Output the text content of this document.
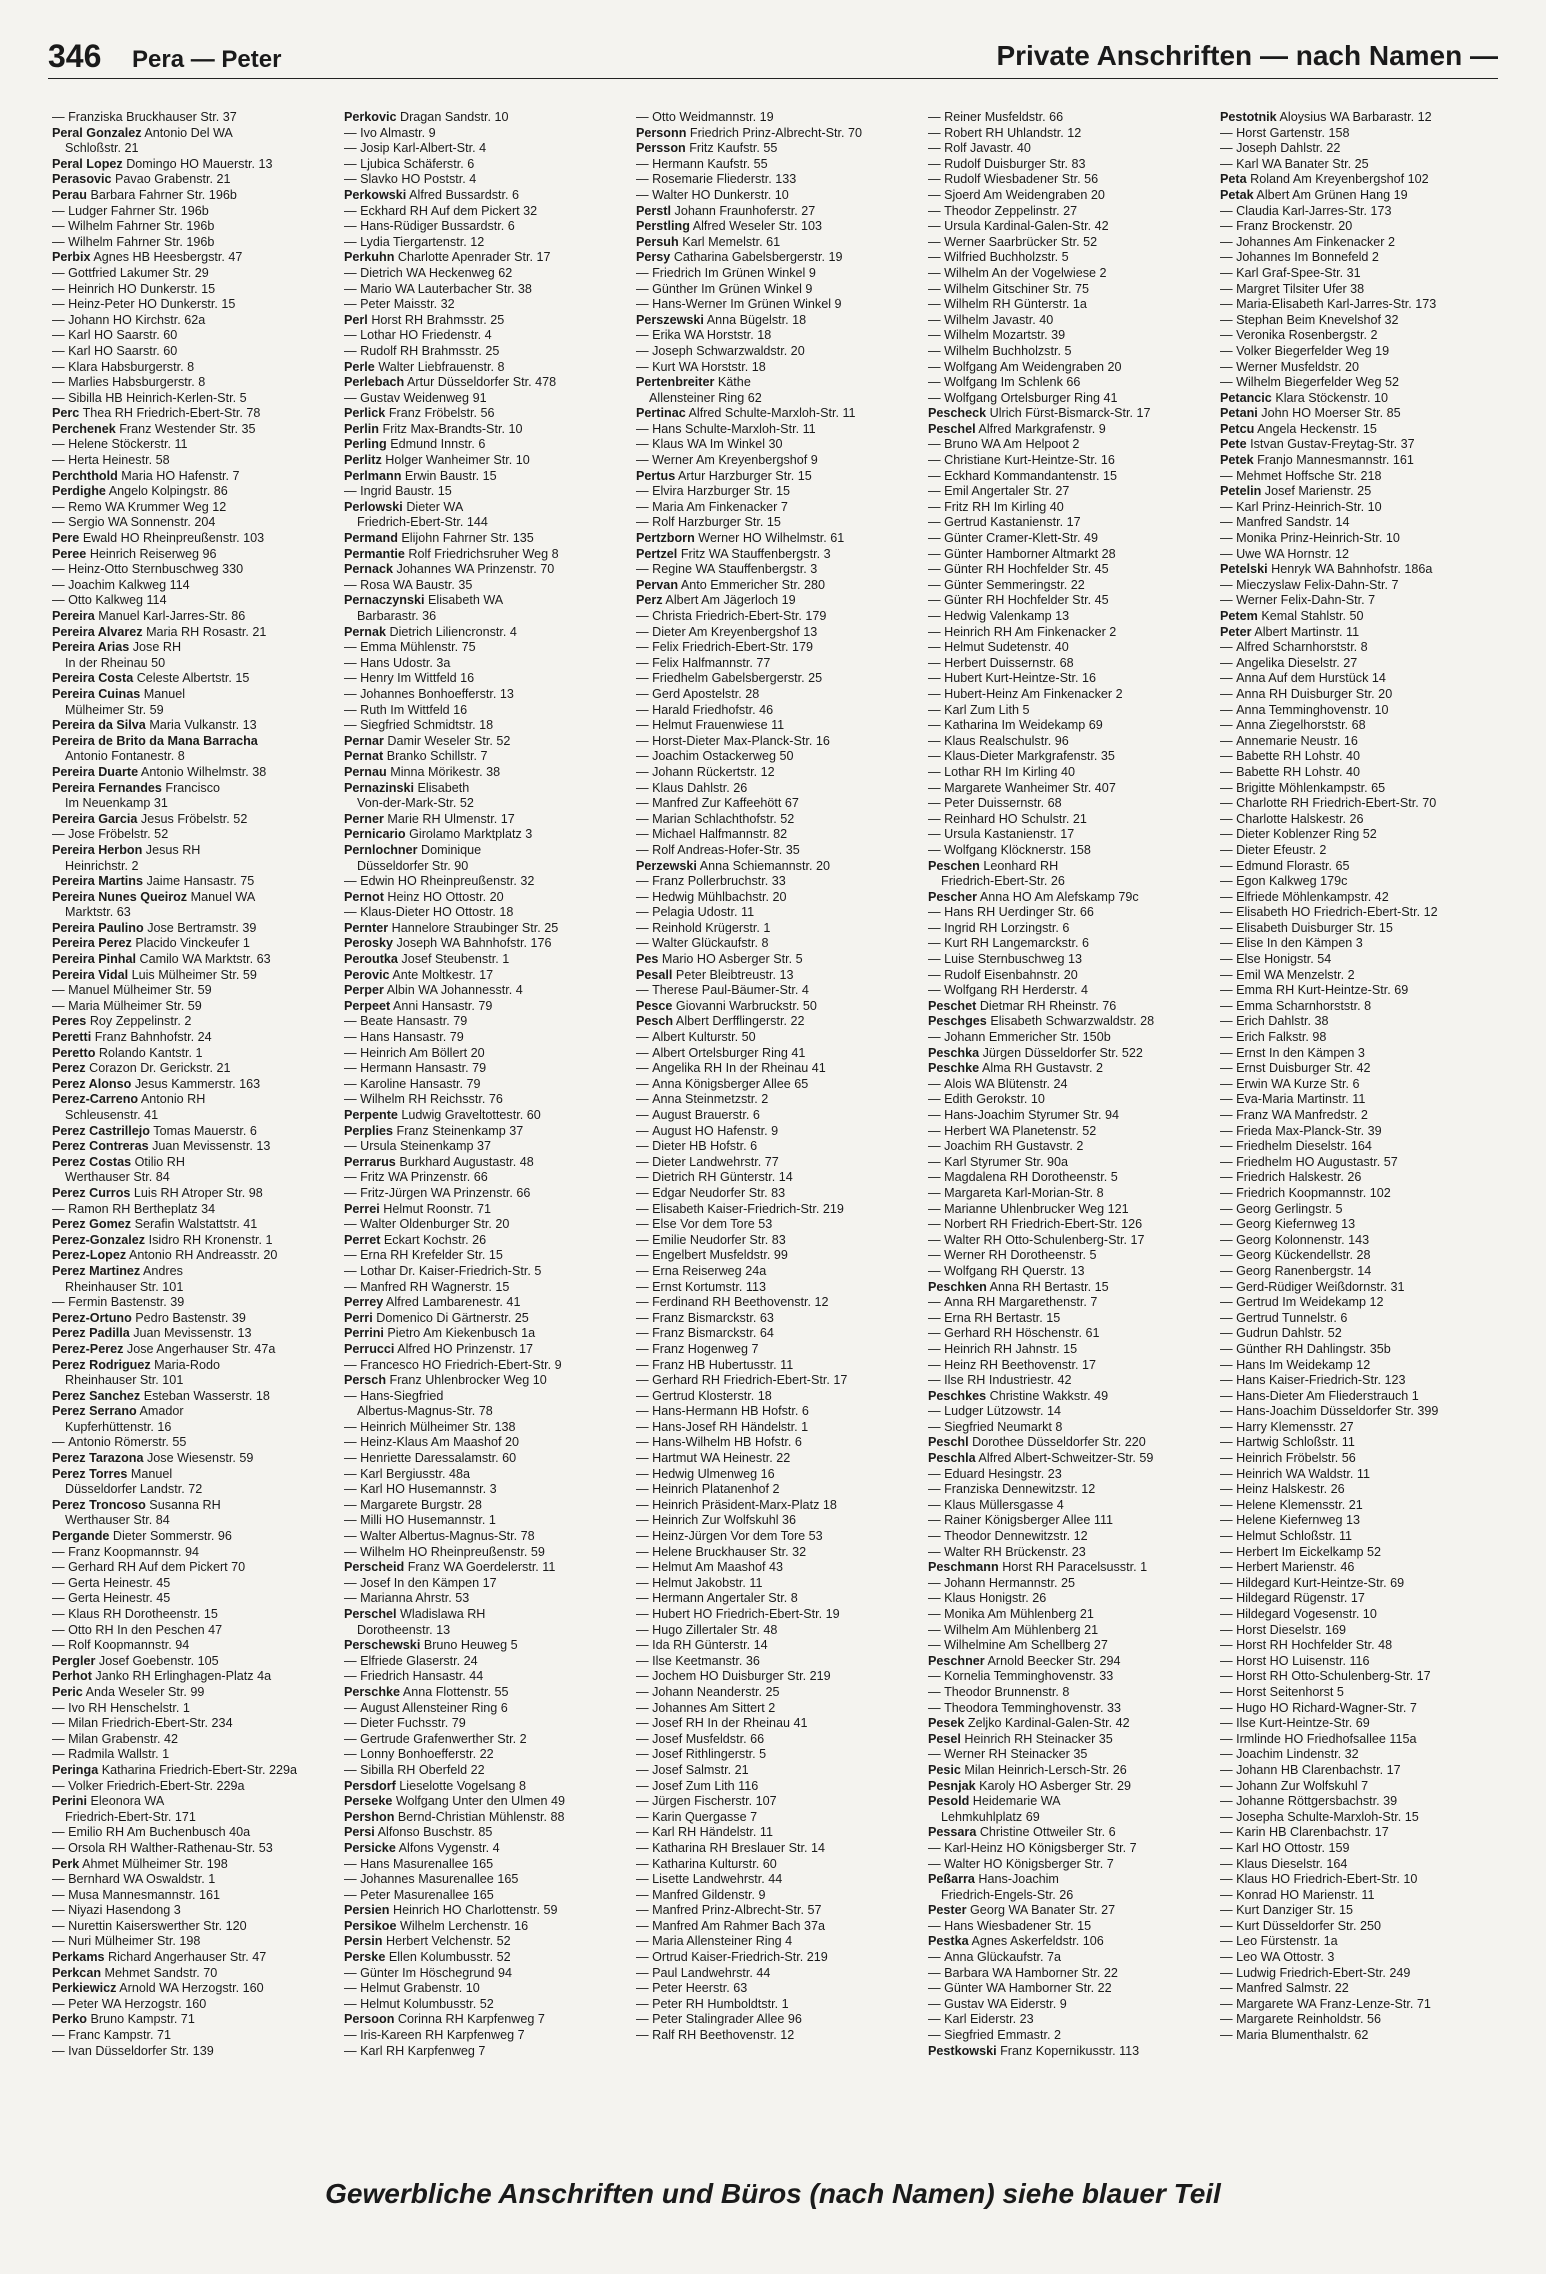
346 Pera — Peter	Private Anschriften — nach Namen —
— Franziska Bruckhauser Str. 37
Peral Gonzalez Antonio Del WA
Schloßstr. 21
Peral Lopez Domingo HO Mauerstr. 13
Perasovic Pavao Grabenstr. 21
Perau Barbara Fahrner Str. 196b
— Ludger Fahrner Str. 196b
— Wilhelm Fahrner Str. 196b
— Wilhelm Fahrner Str. 196b
Perbix Agnes HB Heesbergstr. 47
— Gottfried Lakumer Str. 29
— Heinrich HO Dunkerstr. 15
— Heinz-Peter HO Dunkerstr. 15
— Johann HO Kirchstr. 62a
— Karl HO Saarstr. 60
— Karl HO Saarstr. 60
— Klara Habsburgerstr. 8
— Marlies Habsburgerstr. 8
— Sibilla HB Heinrich-Kerlen-Str. 5
Perc Thea RH Friedrich-Ebert-Str. 78
Perchenek Franz Westender Str. 35
— Helene Stöckerstr. 11
— Herta Heinestr. 58
Perchthold Maria HO Hafenstr. 7
Perdighe Angelo Kolpingstr. 86
— Remo WA Krummer Weg 12
— Sergio WA Sonnenstr. 204
Pere Ewald HO Rheinpreußenstr. 103
Peree Heinrich Reiserweg 96
— Heinz-Otto Sternbuschweg 330
— Joachim Kalkweg 114
— Otto Kalkweg 114
Pereira Manuel Karl-Jarres-Str. 86
Pereira Alvarez Maria RH Rosastr. 21
Pereira Arias Jose RH
In der Rheinau 50
Pereira Costa Celeste Albertstr. 15
Pereira Cuinas Manuel
Mülheimer Str. 59
Pereira da Silva Maria Vulkanstr. 13
Pereira de Brito da Mana Barracha
Antonio Fontanestr. 8
Pereira Duarte Antonio Wilhelmstr. 38
Pereira Fernandes Francisco
Im Neuenkamp 31
Pereira Garcia Jesus Fröbelstr. 52
— Jose Fröbelstr. 52
Pereira Herbon Jesus RH
Heinrichstr. 2
Pereira Martins Jaime Hansastr. 75
Pereira Nunes Queiroz Manuel WA
Marktstr. 63
Pereira Paulino Jose Bertramstr. 39
Pereira Perez Placido Vinckeufer 1
Pereira Pinhal Camilo WA Marktstr. 63
Pereira Vidal Luis Mülheimer Str. 59
— Manuel Mülheimer Str. 59
— Maria Mülheimer Str. 59
Peres Roy Zeppelinstr. 2
Peretti Franz Bahnhofstr. 24
Peretto Rolando Kantstr. 1
Perez Corazon Dr. Gerickstr. 21
Perez Alonso Jesus Kammerstr. 163
Perez-Carreno Antonio RH
Schleusenstr. 41
Perez Castrillejo Tomas Mauerstr. 6
Perez Contreras Juan Mevissenstr. 13
Perez Costas Otilio RH
Werthauser Str. 84
Perez Curros Luis RH Atroper Str. 98
— Ramon RH Bertheplatz 34
Perez Gomez Serafin Walstattstr. 41
Perez-Gonzalez Isidro RH Kronenstr. 1
Perez-Lopez Antonio RH Andreasstr. 20
Perez Martinez Andres
Rheinhauser Str. 101
— Fermin Bastenstr. 39
Perez-Ortuno Pedro Bastenstr. 39
Perez Padilla Juan Mevissenstr. 13
Perez-Perez Jose Angerhauser Str. 47a
Perez Rodriguez Maria-Rodo
Rheinhauser Str. 101
Perez Sanchez Esteban Wasserstr. 18
Perez Serrano Amador
Kupferhüttenstr. 16
— Antonio Römerstr. 55
Perez Tarazona Jose Wiesenstr. 59
Perez Torres Manuel
Düsseldorfer Landstr. 72
Perez Troncoso Susanna RH
Werthauser Str. 84
Pergande Dieter Sommerstr. 96
— Franz Koopmannstr. 94
— Gerhard RH Auf dem Pickert 70
— Gerta Heinestr. 45
— Gerta Heinestr. 45
— Klaus RH Dorotheenstr. 15
— Otto RH In den Peschen 47
— Rolf Koopmannstr. 94
Pergler Josef Goebenstr. 105
Perhot Janko RH Erlinghagen-Platz 4a
Peric Anda Weseler Str. 99
— Ivo RH Henschelstr. 1
— Milan Friedrich-Ebert-Str. 234
— Milan Grabenstr. 42
— Radmila Wallstr. 1
Peringa Katharina Friedrich-Ebert-Str. 229a
— Volker Friedrich-Ebert-Str. 229a
Perini Eleonora WA
Friedrich-Ebert-Str. 171
— Emilio RH Am Buchenbusch 40a
— Orsola RH Walther-Rathenau-Str. 53
Perk Ahmet Mülheimer Str. 198
— Bernhard WA Oswaldstr. 1
— Musa Mannesmannstr. 161
— Niyazi Hasendong 3
— Nurettin Kaiserswerther Str. 120
— Nuri Mülheimer Str. 198
Perkams Richard Angerhauser Str. 47
Perkcan Mehmet Sandstr. 70
Perkiewicz Arnold WA Herzogstr. 160
— Peter WA Herzogstr. 160
Perko Bruno Kampstr. 71
— Franc Kampstr. 71
— Ivan Düsseldorfer Str. 139
Perkovic Dragan Sandstr. 10
— Ivo Almastr. 9
— Josip Karl-Albert-Str. 4
— Ljubica Schäferstr. 6
— Slavko HO Poststr. 4
Perkowski Alfred Bussardstr. 6
— Eckhard RH Auf dem Pickert 32
— Hans-Rüdiger Bussardstr. 6
— Lydia Tiergartenstr. 12
Perkuhn Charlotte Apenrader Str. 17
— Dietrich WA Heckenweg 62
— Mario WA Lauterbacher Str. 38
— Peter Maisstr. 32
Perl Horst RH Brahmsstr. 25
— Lothar HO Friedenstr. 4
— Rudolf RH Brahmsstr. 25
Perle Walter Liebfrauenstr. 8
Perlebach Artur Düsseldorfer Str. 478
— Gustav Weidenweg 91
Perlick Franz Fröbelstr. 56
Perlin Fritz Max-Brandts-Str. 10
Perling Edmund Innstr. 6
Perlitz Holger Wanheimer Str. 10
Perlmann Erwin Baustr. 15
— Ingrid Baustr. 15
Perlowski Dieter WA
Friedrich-Ebert-Str. 144
Permand Elijohn Fahrner Str. 135
Permantie Rolf Friedrichsruher Weg 8
Pernack Johannes WA Prinzenstr. 70
— Rosa WA Baustr. 35
Pernaczynski Elisabeth WA
Barbarastr. 36
Pernak Dietrich Liliencronstr. 4
— Emma Mühlenstr. 75
— Hans Udostr. 3a
— Henry Im Wittfeld 16
— Johannes Bonhoefferstr. 13
— Ruth Im Wittfeld 16
— Siegfried Schmidtstr. 18
Pernar Damir Weseler Str. 52
Pernat Branko Schillstr. 7
Pernau Minna Mörikestr. 38
Pernazinski Elisabeth
Von-der-Mark-Str. 52
Perner Marie RH Ulmenstr. 17
Pernicario Girolamo Marktplatz 3
Pernlochner Dominique
Düsseldorfer Str. 90
— Edwin HO Rheinpreußenstr. 32
Pernot Heinz HO Ottostr. 20
— Klaus-Dieter HO Ottostr. 18
Pernter Hannelore Straubinger Str. 25
Perosky Joseph WA Bahnhofstr. 176
Peroutka Josef Steubenstr. 1
Perovic Ante Moltkestr. 17
Perper Albin WA Johannesstr. 4
Perpeet Anni Hansastr. 79
— Beate Hansastr. 79
— Hans Hansastr. 79
— Heinrich Am Böllert 20
— Hermann Hansastr. 79
— Karoline Hansastr. 79
— Wilhelm RH Reichsstr. 76
Perpente Ludwig Graveltottestr. 60
Perplies Franz Steinenkamp 37
— Ursula Steinenkamp 37
Perrarus Burkhard Augustastr. 48
— Fritz WA Prinzenstr. 66
— Fritz-Jürgen WA Prinzenstr. 66
Perrei Helmut Roonstr. 71
— Walter Oldenburger Str. 20
Perret Eckart Kochstr. 26
— Erna RH Krefelder Str. 15
— Lothar Dr. Kaiser-Friedrich-Str. 5
— Manfred RH Wagnerstr. 15
Perrey Alfred Lambarenestr. 41
Perri Domenico Di Gärtnerstr. 25
Perrini Pietro Am Kiekenbusch 1a
Perrucci Alfred HO Prinzenstr. 17
— Francesco HO Friedrich-Ebert-Str. 9
Persch Franz Uhlenbrocker Weg 10
— Hans-Siegfried
Albertus-Magnus-Str. 78
— Heinrich Mülheimer Str. 138
— Heinz-Klaus Am Maashof 20
— Henriette Daressalamstr. 60
— Karl Bergiusstr. 48a
— Karl HO Husemannstr. 3
— Margarete Burgstr. 28
— Milli HO Husemannstr. 1
— Walter Albertus-Magnus-Str. 78
— Wilhelm HO Rheinpreußenstr. 59
Perscheid Franz WA Goerdelerstr. 11
— Josef In den Kämpen 17
— Marianna Ahrstr. 53
Perschel Wladislawa RH
Dorotheenstr. 13
Perschewski Bruno Heuweg 5
— Elfriede Glaserstr. 24
— Friedrich Hansastr. 44
Perschke Anna Flottenstr. 55
— August Allensteiner Ring 6
— Dieter Fuchsstr. 79
— Gertrude Grafenwerther Str. 2
— Lonny Bonhoefferstr. 22
— Sibilla RH Oberfeld 22
Persdorf Lieselotte Vogelsang 8
Perseke Wolfgang Unter den Ulmen 49
Pershon Bernd-Christian Mühlenstr. 88
Persi Alfonso Buschstr. 85
Persicke Alfons Vygenstr. 4
— Hans Masurenallee 165
— Johannes Masurenallee 165
— Peter Masurenallee 165
Persien Heinrich HO Charlottenstr. 59
Persikoe Wilhelm Lerchenstr. 16
Persin Herbert Velchenstr. 52
Perske Ellen Kolumbusstr. 52
— Günter Im Höschegrund 94
— Helmut Grabenstr. 10
— Helmut Kolumbusstr. 52
Persoon Corinna RH Karpfenweg 7
— Iris-Kareen RH Karpfenweg 7
— Karl RH Karpfenweg 7
— Otto Weidmannstr. 19
Personn Friedrich Prinz-Albrecht-Str. 70
Persson Fritz Kaufstr. 55
— Hermann Kaufstr. 55
— Rosemarie Fliederstr. 133
— Walter HO Dunkerstr. 10
Perstl Johann Fraunhoferstr. 27
Perstling Alfred Weseler Str. 103
Persuh Karl Memelstr. 61
Persy Catharina Gabelsbergerstr. 19
— Friedrich Im Grünen Winkel 9
— Günther Im Grünen Winkel 9
— Hans-Werner Im Grünen Winkel 9
Perszewski Anna Bügelstr. 18
— Erika WA Horststr. 18
— Joseph Schwarzwaldstr. 20
— Kurt WA Horststr. 18
Pertenbreiter Käthe
Allensteiner Ring 62
Pertinac Alfred Schulte-Marxloh-Str. 11
— Hans Schulte-Marxloh-Str. 11
— Klaus WA Im Winkel 30
— Werner Am Kreyenbergshof 9
Pertus Artur Harzburger Str. 15
— Elvira Harzburger Str. 15
— Maria Am Finkenacker 7
— Rolf Harzburger Str. 15
Pertzborn Werner HO Wilhelmstr. 61
Pertzel Fritz WA Stauffenbergstr. 3
— Regine WA Stauffenbergstr. 3
Pervan Anto Emmericher Str. 280
Perz Albert Am Jägerloch 19
— Christa Friedrich-Ebert-Str. 179
— Dieter Am Kreyenbergshof 13
— Felix Friedrich-Ebert-Str. 179
— Felix Halfmannstr. 77
— Friedhelm Gabelsbergerstr. 25
— Gerd Apostelstr. 28
— Harald Friedhofstr. 46
— Helmut Frauenwiese 11
— Horst-Dieter Max-Planck-Str. 16
— Joachim Ostackerweg 50
— Johann Rückertstr. 12
— Klaus Dahlstr. 26
— Manfred Zur Kaffeehött 67
— Marian Schlachthofstr. 52
— Michael Halfmannstr. 82
— Rolf Andreas-Hofer-Str. 35
Perzewski Anna Schiemannstr. 20
— Franz Pollerbruchstr. 33
— Hedwig Mühlbachstr. 20
— Pelagia Udostr. 11
— Reinhold Krügerstr. 1
— Walter Glückaufstr. 8
Pes Mario HO Asberger Str. 5
Pesall Peter Bleibtreustr. 13
— Therese Paul-Bäumer-Str. 4
Pesce Giovanni Warbruckstr. 50
Pesch Albert Derfflingerstr. 22
— Albert Kulturstr. 50
— Albert Ortelsburger Ring 41
— Angelika RH In der Rheinau 41
— Anna Königsberger Allee 65
— Anna Steinmetzstr. 2
— August Brauerstr. 6
— August HO Hafenstr. 9
— Dieter HB Hofstr. 6
— Dieter Landwehrstr. 77
— Dietrich RH Günterstr. 14
— Edgar Neudorfer Str. 83
— Elisabeth Kaiser-Friedrich-Str. 219
— Else Vor dem Tore 53
— Emilie Neudorfer Str. 83
— Engelbert Musfeldstr. 99
— Erna Reiserweg 24a
— Ernst Kortumstr. 113
— Ferdinand RH Beethovenstr. 12
— Franz Bismarckstr. 63
— Franz Bismarckstr. 64
— Franz Hogenweg 7
— Franz HB Hubertusstr. 11
— Gerhard RH Friedrich-Ebert-Str. 17
— Gertrud Klosterstr. 18
— Hans-Hermann HB Hofstr. 6
— Hans-Josef RH Händelstr. 1
— Hans-Wilhelm HB Hofstr. 6
— Hartmut WA Heinestr. 22
— Hedwig Ulmenweg 16
— Heinrich Platanenhof 2
— Heinrich Präsident-Marx-Platz 18
— Heinrich Zur Wolfskuhl 36
— Heinz-Jürgen Vor dem Tore 53
— Helene Bruckhauser Str. 32
— Helmut Am Maashof 43
— Helmut Jakobstr. 11
— Hermann Angertaler Str. 8
— Hubert HO Friedrich-Ebert-Str. 19
— Hugo Zillertaler Str. 48
— Ida RH Günterstr. 14
— Ilse Keetmanstr. 36
— Jochem HO Duisburger Str. 219
— Johann Neanderstr. 25
— Johannes Am Sittert 2
— Josef RH In der Rheinau 41
— Josef Musfeldstr. 66
— Josef Rithlingerstr. 5
— Josef Salmstr. 21
— Josef Zum Lith 116
— Jürgen Fischerstr. 107
— Karin Quergasse 7
— Karl RH Händelstr. 11
— Katharina RH Breslauer Str. 14
— Katharina Kulturstr. 60
— Lisette Landwehrstr. 44
— Manfred Gildenstr. 9
— Manfred Prinz-Albrecht-Str. 57
— Manfred Am Rahmer Bach 37a
— Maria Allensteiner Ring 4
— Ortrud Kaiser-Friedrich-Str. 219
— Paul Landwehrstr. 44
— Peter Heerstr. 63
— Peter RH Humboldtstr. 1
— Peter Stalingrader Allee 96
— Ralf RH Beethovenstr. 12
— Reiner Musfeldstr. 66
— Robert RH Uhlandstr. 12
— Rolf Javastr. 40
— Rudolf Duisburger Str. 83
— Rudolf Wiesbadener Str. 56
— Sjoerd Am Weidengraben 20
— Theodor Zeppelinstr. 27
— Ursula Kardinal-Galen-Str. 42
— Werner Saarbrücker Str. 52
— Wilfried Buchholzstr. 5
— Wilhelm An der Vogelwiese 2
— Wilhelm Gitschiner Str. 75
— Wilhelm RH Günterstr. 1a
— Wilhelm Javastr. 40
— Wilhelm Mozartstr. 39
— Wilhelm Buchholzstr. 5
— Wolfgang Am Weidengraben 20
— Wolfgang Im Schlenk 66
— Wolfgang Ortelsburger Ring 41
Pescheck Ulrich Fürst-Bismarck-Str. 17
Peschel Alfred Markgrafenstr. 9
— Bruno WA Am Helpoot 2
— Christiane Kurt-Heintze-Str. 16
— Eckhard Kommandantenstr. 15
— Emil Angertaler Str. 27
— Fritz RH Im Kirling 40
— Gertrud Kastanienstr. 17
— Günter Cramer-Klett-Str. 49
— Günter Hamborner Altmarkt 28
— Günter RH Hochfelder Str. 45
— Günter Semmeringstr. 22
— Günter RH Hochfelder Str. 45
— Hedwig Valenkamp 13
— Heinrich RH Am Finkenacker 2
— Helmut Sudetenstr. 40
— Herbert Duissernstr. 68
— Hubert Kurt-Heintze-Str. 16
— Hubert-Heinz Am Finkenacker 2
— Karl Zum Lith 5
— Katharina Im Weidekamp 69
— Klaus Realschulstr. 96
— Klaus-Dieter Markgrafenstr. 35
— Lothar RH Im Kirling 40
— Margarete Wanheimer Str. 407
— Peter Duissernstr. 68
— Reinhard HO Schulstr. 21
— Ursula Kastanienstr. 17
— Wolfgang Klöcknerstr. 158
Peschen Leonhard RH
Friedrich-Ebert-Str. 26
Pescher Anna HO Am Alefskamp 79c
— Hans RH Uerdinger Str. 66
— Ingrid RH Lorzingstr. 6
— Kurt RH Langemarckstr. 6
— Luise Sternbuschweg 13
— Rudolf Eisenbahnstr. 20
— Wolfgang RH Herderstr. 4
Peschet Dietmar RH Rheinstr. 76
Peschges Elisabeth Schwarzwaldstr. 28
— Johann Emmericher Str. 150b
Peschka Jürgen Düsseldorfer Str. 522
Peschke Alma RH Gustavstr. 2
— Alois WA Blütenstr. 24
— Edith Gerokstr. 10
— Hans-Joachim Styrumer Str. 94
— Herbert WA Planetenstr. 52
— Joachim RH Gustavstr. 2
— Karl Styrumer Str. 90a
— Magdalena RH Dorotheenstr. 5
— Margareta Karl-Morian-Str. 8
— Marianne Uhlenbrucker Weg 121
— Norbert RH Friedrich-Ebert-Str. 126
— Walter RH Otto-Schulenberg-Str. 17
— Werner RH Dorotheenstr. 5
— Wolfgang RH Querstr. 13
Peschken Anna RH Bertastr. 15
— Anna RH Margarethenstr. 7
— Erna RH Bertastr. 15
— Gerhard RH Höschenstr. 61
— Heinrich RH Jahnstr. 15
— Heinz RH Beethovenstr. 17
— Ilse RH Industriestr. 42
Peschkes Christine Wakkstr. 49
— Ludger Lützowstr. 14
— Siegfried Neumarkt 8
Peschl Dorothee Düsseldorfer Str. 220
Peschla Alfred Albert-Schweitzer-Str. 59
— Eduard Hesingstr. 23
— Franziska Dennewitzstr. 12
— Klaus Müllersgasse 4
— Rainer Königsberger Allee 111
— Theodor Dennewitzstr. 12
— Walter RH Brückenstr. 23
Peschmann Horst RH Paracelsusstr. 1
— Johann Hermannstr. 25
— Klaus Honigstr. 26
— Monika Am Mühlenberg 21
— Wilhelm Am Mühlenberg 21
— Wilhelmine Am Schellberg 27
Peschner Arnold Beecker Str. 294
— Kornelia Temminghovenstr. 33
— Theodor Brunnenstr. 8
— Theodora Temminghovenstr. 33
Pesek Zeljko Kardinal-Galen-Str. 42
Pesel Heinrich RH Steinacker 35
— Werner RH Steinacker 35
Pesic Milan Heinrich-Lersch-Str. 26
Pesnjak Karoly HO Asberger Str. 29
Pesold Heidemarie WA
Lehmkuhlplatz 69
Pessara Christine Ottweiler Str. 6
— Karl-Heinz HO Königsberger Str. 7
— Walter HO Königsberger Str. 7
Peßarra Hans-Joachim
Friedrich-Engels-Str. 26
Pester Georg WA Banater Str. 27
— Hans Wiesbadener Str. 15
Pestka Agnes Askerfeldstr. 106
— Anna Glückaufstr. 7a
— Barbara WA Hamborner Str. 22
— Günter WA Hamborner Str. 22
— Gustav WA Eiderstr. 9
— Karl Eiderstr. 23
— Siegfried Emmastr. 2
Pestkowski Franz Kopernikusstr. 113
Pestotnik Aloysius WA Barbarastr. 12
— Horst Gartenstr. 158
— Joseph Dahlstr. 22
— Karl WA Banater Str. 25
Peta Roland Am Kreyenbergshof 102
Petak Albert Am Grünen Hang 19
— Claudia Karl-Jarres-Str. 173
— Franz Brockenstr. 20
— Johannes Am Finkenacker 2
— Johannes Im Bonnefeld 2
— Karl Graf-Spee-Str. 31
— Margret Tilsiter Ufer 38
— Maria-Elisabeth Karl-Jarres-Str. 173
— Stephan Beim Knevelshof 32
— Veronika Rosenbergstr. 2
— Volker Biegerfelder Weg 19
— Werner Musfeldstr. 20
— Wilhelm Biegerfelder Weg 52
Petancic Klara Stöckenstr. 10
Petani John HO Moerser Str. 85
Petcu Angela Heckenstr. 15
Pete Istvan Gustav-Freytag-Str. 37
Petek Franjo Mannesmannstr. 161
— Mehmet Hoffsche Str. 218
Petelin Josef Marienstr. 25
— Karl Prinz-Heinrich-Str. 10
— Manfred Sandstr. 14
— Monika Prinz-Heinrich-Str. 10
— Uwe WA Hornstr. 12
Petelski Henryk WA Bahnhofstr. 186a
— Mieczyslaw Felix-Dahn-Str. 7
— Werner Felix-Dahn-Str. 7
Petem Kemal Stahlstr. 50
Peter Albert Martinstr. 11
— Alfred Scharnhorststr. 8
— Angelika Dieselstr. 27
— Anna Auf dem Hurstück 14
— Anna RH Duisburger Str. 20
— Anna Temminghovenstr. 10
— Anna Ziegelhorststr. 68
— Annemarie Neustr. 16
— Babette RH Lohstr. 40
— Babette RH Lohstr. 40
— Brigitte Möhlenkampstr. 65
— Charlotte RH Friedrich-Ebert-Str. 70
— Charlotte Halskestr. 26
— Dieter Koblenzer Ring 52
— Dieter Efeustr. 2
— Edmund Florastr. 65
— Egon Kalkweg 179c
— Elfriede Möhlenkampstr. 42
— Elisabeth HO Friedrich-Ebert-Str. 12
— Elisabeth Duisburger Str. 15
— Elise In den Kämpen 3
— Else Honigstr. 54
— Emil WA Menzelstr. 2
— Emma RH Kurt-Heintze-Str. 69
— Emma Scharnhorststr. 8
— Erich Dahlstr. 38
— Erich Falkstr. 98
— Ernst In den Kämpen 3
— Ernst Duisburger Str. 42
— Erwin WA Kurze Str. 6
— Eva-Maria Martinstr. 11
— Franz WA Manfredstr. 2
— Frieda Max-Planck-Str. 39
— Friedhelm Dieselstr. 164
— Friedhelm HO Augustastr. 57
— Friedrich Halskestr. 26
— Friedrich Koopmannstr. 102
— Georg Gerlingstr. 5
— Georg Kiefernweg 13
— Georg Kolonnenstr. 143
— Georg Kückendellstr. 28
— Georg Ranenbergstr. 14
— Gerd-Rüdiger Weißdornstr. 31
— Gertrud Im Weidekamp 12
— Gertrud Tunnelstr. 6
— Gudrun Dahlstr. 52
— Günther RH Dahlingstr. 35b
— Hans Im Weidekamp 12
— Hans Kaiser-Friedrich-Str. 123
— Hans-Dieter Am Fliederstrauch 1
— Hans-Joachim Düsseldorfer Str. 399
— Harry Klemensstr. 27
— Hartwig Schloßstr. 11
— Heinrich Fröbelstr. 56
— Heinrich WA Waldstr. 11
— Heinz Halskestr. 26
— Helene Klemensstr. 21
— Helene Kiefernweg 13
— Helmut Schloßstr. 11
— Herbert Im Eickelkamp 52
— Herbert Marienstr. 46
— Hildegard Kurt-Heintze-Str. 69
— Hildegard Rügenstr. 17
— Hildegard Vogesenstr. 10
— Horst Dieselstr. 169
— Horst RH Hochfelder Str. 48
— Horst HO Luisenstr. 116
— Horst RH Otto-Schulenberg-Str. 17
— Horst Seitenhorst 5
— Hugo HO Richard-Wagner-Str. 7
— Ilse Kurt-Heintze-Str. 69
— Irmlinde HO Friedhofsallee 115a
— Joachim Lindenstr. 32
— Johann HB Clarenbachstr. 17
— Johann Zur Wolfskuhl 7
— Johanne Röttgersbachstr. 39
— Josepha Schulte-Marxloh-Str. 15
— Karin HB Clarenbachstr. 17
— Karl HO Ottostr. 159
— Klaus Dieselstr. 164
— Klaus HO Friedrich-Ebert-Str. 10
— Konrad HO Marienstr. 11
— Kurt Danziger Str. 15
— Kurt Düsseldorfer Str. 250
— Leo Fürstenstr. 1a
— Leo WA Ottostr. 3
— Ludwig Friedrich-Ebert-Str. 249
— Manfred Salmstr. 22
— Margarete WA Franz-Lenze-Str. 71
— Margarete Reinholdstr. 56
— Maria Blumenthalstr. 62
Gewerbliche Anschriften und Büros (nach Namen) siehe blauer Teil
